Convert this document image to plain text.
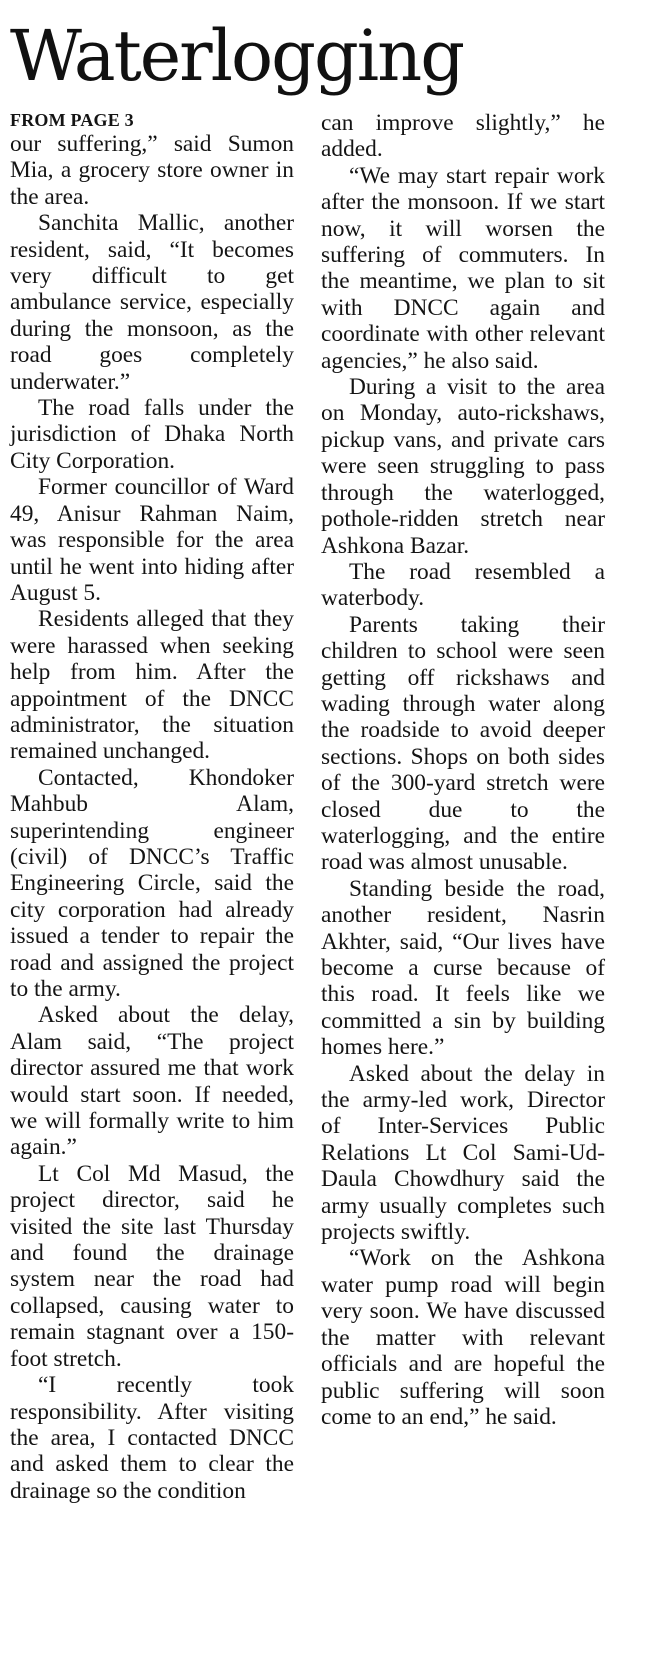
Waterlogging
FROM PAGE 3

our suffering,” said Sumon Mia, a grocery store owner in the area.

Sanchita Mallic, another resident, said, “It becomes very difficult to get ambulance service, especially during the monsoon, as the road goes completely underwater.”

The road falls under the jurisdiction of Dhaka North City Corporation.

Former councillor of Ward 49, Anisur Rahman Naim, was responsible for the area until he went into hiding after August 5.

Residents alleged that they were harassed when seeking help from him. After the appointment of the DNCC administrator, the situation remained unchanged.

Contacted, Khondoker Mahbub Alam, superintending engineer (civil) of DNCC’s Traffic Engineering Circle, said the city corporation had already issued a tender to repair the road and assigned the project to the army.

Asked about the delay, Alam said, “The project director assured me that work would start soon. If needed, we will formally write to him again.”

Lt Col Md Masud, the project director, said he visited the site last Thursday and found the drainage system near the road had collapsed, causing water to remain stagnant over a 150-foot stretch.

“I recently took responsibility. After visiting the area, I contacted DNCC and asked them to clear the drainage so the condition

can improve slightly,” he added.

“We may start repair work after the monsoon. If we start now, it will worsen the suffering of commuters. In the meantime, we plan to sit with DNCC again and coordinate with other relevant agencies,” he also said.

During a visit to the area on Monday, auto-rickshaws, pickup vans, and private cars were seen struggling to pass through the waterlogged, pothole-ridden stretch near Ashkona Bazar.

The road resembled a waterbody.

Parents taking their children to school were seen getting off rickshaws and wading through water along the roadside to avoid deeper sections. Shops on both sides of the 300-yard stretch were closed due to the waterlogging, and the entire road was almost unusable.

Standing beside the road, another resident, Nasrin Akhter, said, “Our lives have become a curse because of this road. It feels like we committed a sin by building homes here.”

Asked about the delay in the army-led work, Director of Inter-Services Public Relations Lt Col Sami-Ud-Daula Chowdhury said the army usually completes such projects swiftly.

“Work on the Ashkona water pump road will begin very soon. We have discussed the matter with relevant officials and are hopeful the public suffering will soon come to an end,” he said.
